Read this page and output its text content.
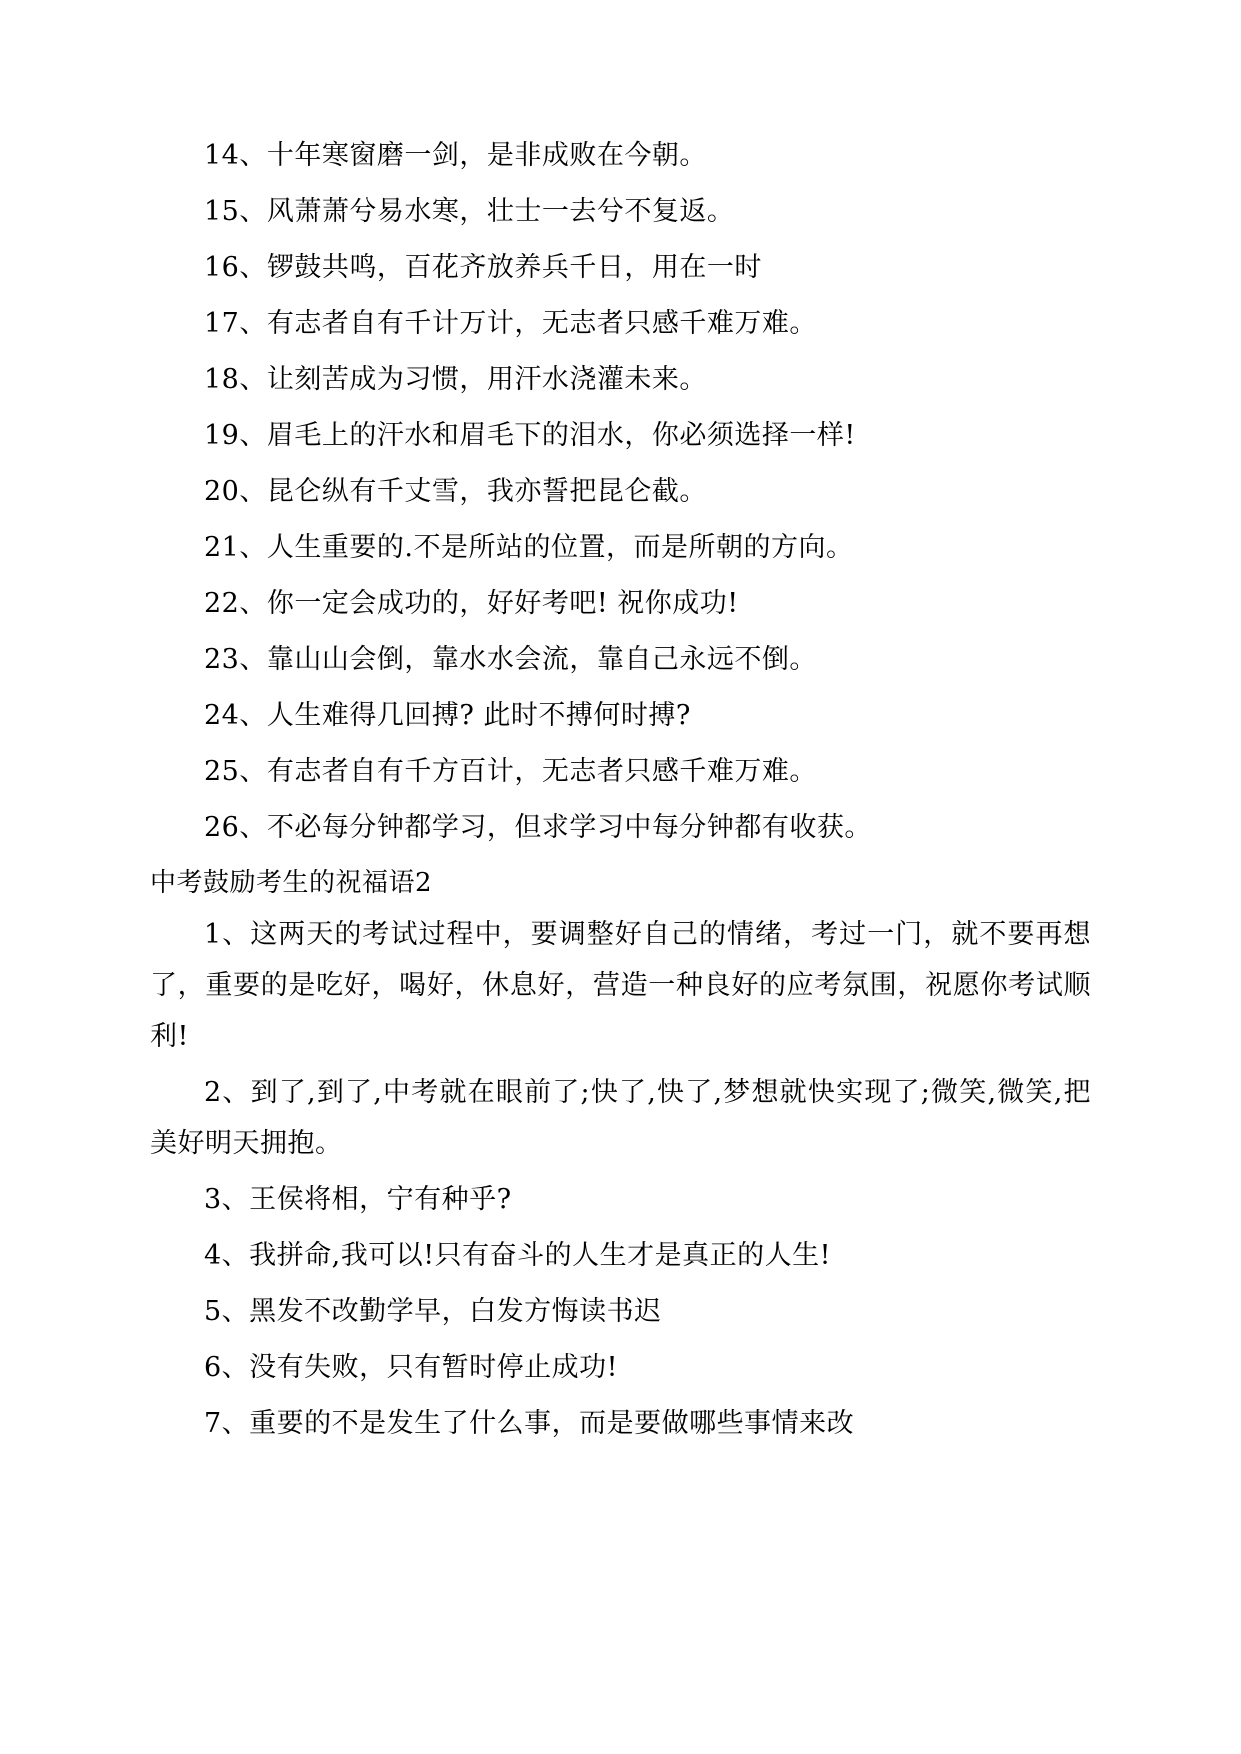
14、十年寒窗磨一剑，是非成败在今朝。

15、风萧萧兮易水寒，壮士一去兮不复返。

16、锣鼓共鸣，百花齐放养兵千日，用在一时

17、有志者自有千计万计，无志者只感千难万难。

18、让刻苦成为习惯，用汗水浇灌未来。

19、眉毛上的汗水和眉毛下的泪水，你必须选择一样!

20、昆仑纵有千丈雪，我亦誓把昆仑截。

21、人生重要的.不是所站的位置，而是所朝的方向。

22、你一定会成功的，好好考吧! 祝你成功!

23、靠山山会倒，靠水水会流，靠自己永远不倒。

24、人生难得几回搏? 此时不搏何时搏?

25、有志者自有千方百计，无志者只感千难万难。

26、不必每分钟都学习，但求学习中每分钟都有收获。

中考鼓励考生的祝福语2

1、这两天的考试过程中，要调整好自己的情绪，考过一门，就不要再想了，重要的是吃好，喝好，休息好，营造一种良好的应考氛围，祝愿你考试顺利!

2、到了,到了,中考就在眼前了;快了,快了,梦想就快实现了;微笑,微笑,把美好明天拥抱。

3、王侯将相，宁有种乎?

4、我拼命,我可以!只有奋斗的人生才是真正的人生!

5、黑发不改勤学早，白发方悔读书迟

6、没有失败，只有暂时停止成功!

7、重要的不是发生了什么事，而是要做哪些事情来改
